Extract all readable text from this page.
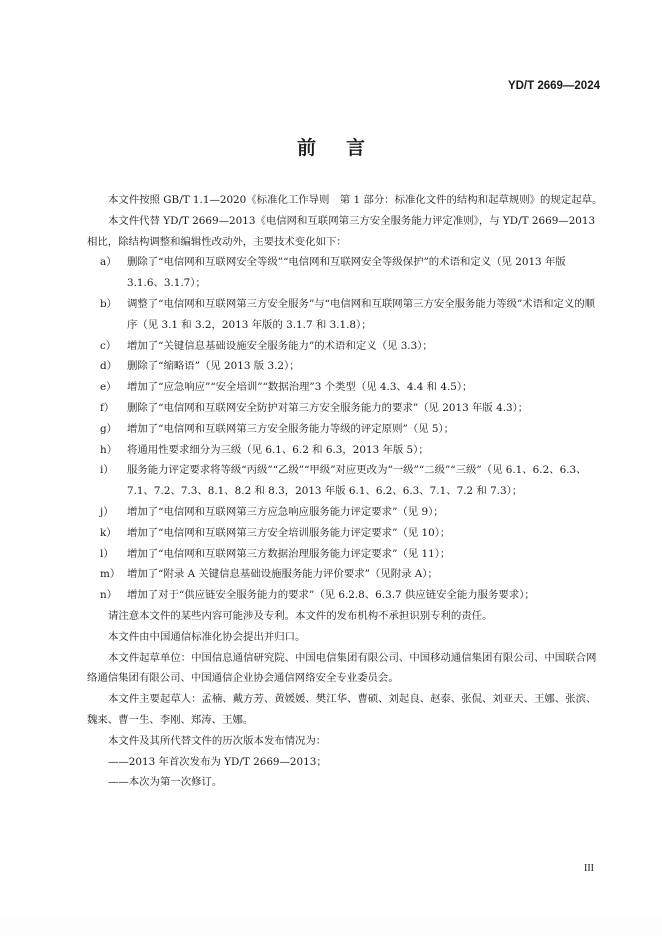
YD/T 2669—2024
前言

本文件按照 GB/T 1.1—2020《标准化工作导则　第 1 部分：标准化文件的结构和起草规则》的规定起草。

本文件代替 YD/T 2669—2013《电信网和互联网第三方安全服务能力评定准则》，与 YD/T 2669—2013 相比，除结构调整和编辑性改动外，主要技术变化如下：

a）	删除了“电信网和互联网安全等级”“电信网和互联网安全等级保护”的术语和定义（见 2013 年版 3.1.6、3.1.7）；
b） 调整了“电信网和互联网第三方安全服务”与“电信网和互联网第三方安全服务能力等级”术语和定义的顺序（见 3.1 和 3.2，2013 年版的 3.1.7 和 3.1.8）；
c）	增加了“关键信息基础设施安全服务能力”的术语和定义（见 3.3）；
d） 删除了“缩略语”（见 2013 版 3.2）；
e）	增加了“应急响应”“安全培训”“数据治理”3 个类型（见 4.3、4.4 和 4.5）；
f）	删除了“电信网和互联网安全防护对第三方安全服务能力的要求”（见 2013 年版 4.3）；
g） 增加了“电信网和互联网第三方安全服务能力等级的评定原则”（见 5）；
h） 将通用性要求细分为三级（见 6.1、6.2 和 6.3，2013 年版 5）；
i）	服务能力评定要求将等级“丙级”“乙级”“甲级”对应更改为“一级”“二级”“三级”（见 6.1、6.2、6.3、7.1、7.2、7.3、8.1、8.2 和 8.3，2013 年版 6.1、6.2、6.3、7.1、7.2 和 7.3）；
j）	增加了“电信网和互联网第三方应急响应服务能力评定要求”（见 9）；
k） 增加了“电信网和互联网第三方安全培训服务能力评定要求”（见 10）；
l）	增加了“电信网和互联网第三方数据治理服务能力评定要求”（见 11）；
m） 增加了“附录 A 关键信息基础设施服务能力评价要求”（见附录 A）；
n） 增加了对于“供应链安全服务能力的要求”（见 6.2.8、6.3.7 供应链安全能力服务要求）；

请注意本文件的某些内容可能涉及专利。本文件的发布机构不承担识别专利的责任。

本文件由中国通信标准化协会提出并归口。

本文件起草单位：中国信息通信研究院、中国电信集团有限公司、中国移动通信集团有限公司、中国联合网络通信集团有限公司、中国通信企业协会通信网络安全专业委员会。

本文件主要起草人：孟楠、戴方芳、黄媛媛、樊江华、曹硕、刘起良、赵泰、张侃、刘亚天、王娜、张滨、魏来、曹一生、李刚、郑涛、王娜。

本文件及其所代替文件的历次版本发布情况为：

——2013 年首次发布为 YD/T 2669—2013；

——本次为第一次修订。

III
